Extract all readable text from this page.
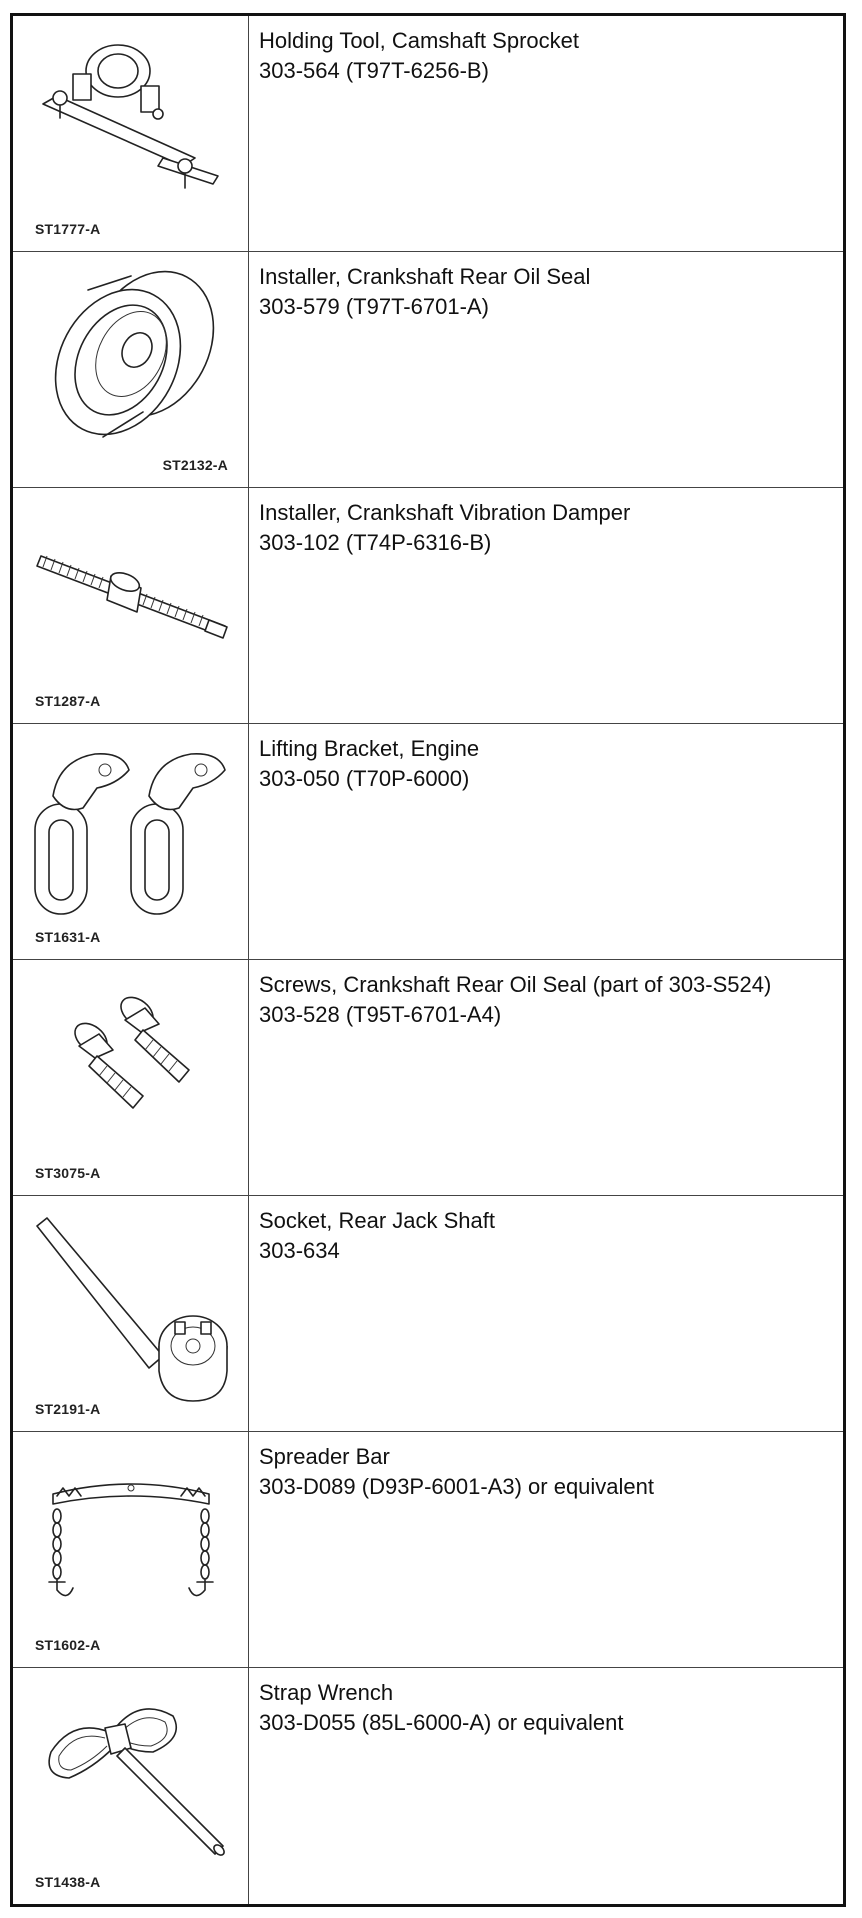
ST1777-A
Holding Tool, Camshaft Sprocket
303-564 (T97T-6256-B)
ST2132-A
Installer, Crankshaft Rear Oil Seal
303-579 (T97T-6701-A)
ST1287-A
Installer, Crankshaft Vibration Damper
303-102 (T74P-6316-B)
ST1631-A
Lifting Bracket, Engine
303-050 (T70P-6000)
ST3075-A
Screws, Crankshaft Rear Oil Seal (part of 303-S524)
303-528 (T95T-6701-A4)
ST2191-A
Socket, Rear Jack Shaft
303-634
ST1602-A
Spreader Bar
303-D089 (D93P-6001-A3) or equivalent
ST1438-A
Strap Wrench
303-D055 (85L-6000-A) or equivalent
